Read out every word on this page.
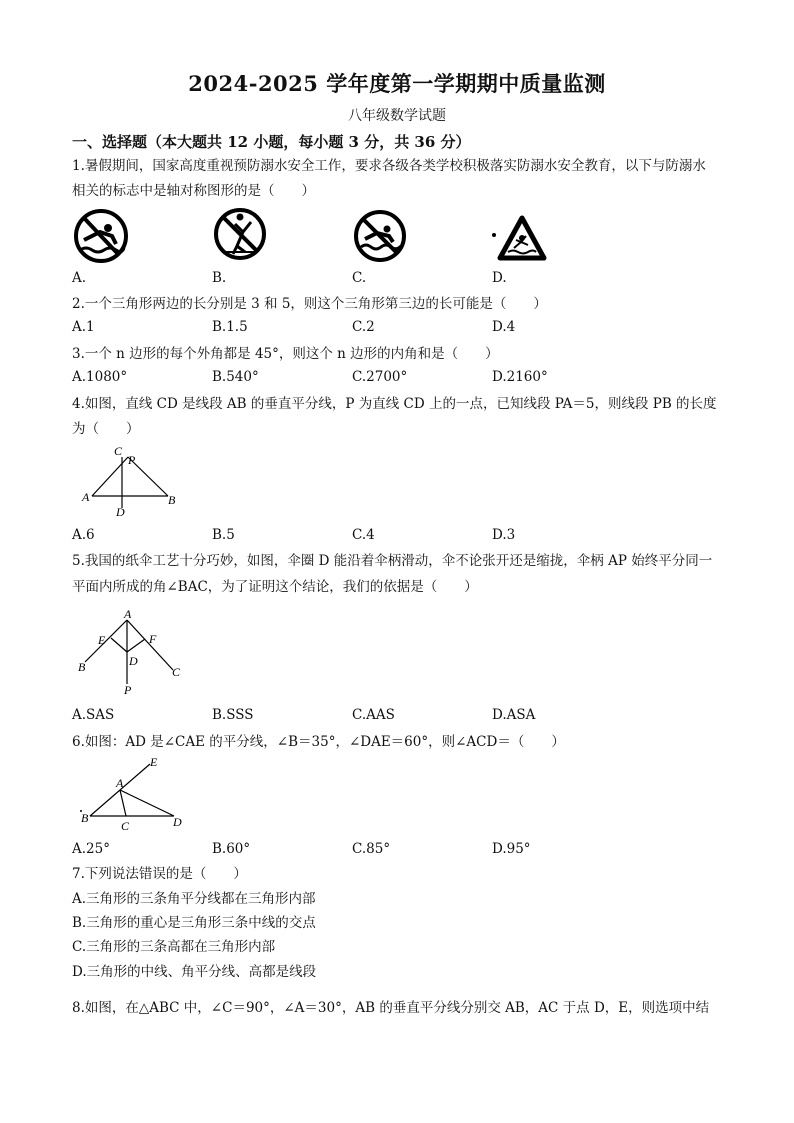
2024-2025 学年度第一学期期中质量监测
八年级数学试题
一、选择题（本大题共 12 小题，每小题 3 分，共 36 分）
1.暑假期间，国家高度重视预防溺水安全工作，要求各级各类学校积极落实防溺水安全教育，以下与防溺水
相关的标志中是轴对称图形的是（　　）
A.	B.	C.	D.
2.一个三角形两边的长分别是 3 和 5，则这个三角形第三边的长可能是（　　）
A.1	B.1.5	C.2	D.4
3.一个 n 边形的每个外角都是 45°，则这个 n 边形的内角和是（　　）
A.1080°	B.540°	C.2700°	D.2160°
4.如图，直线 CD 是线段 AB 的垂直平分线，P 为直线 CD 上的一点，已知线段 PA＝5，则线段 PB 的长度
为（　　）
C
P
A	B
D
A.6	B.5	C.4	D.3
5.我国的纸伞工艺十分巧妙，如图，伞圈 D 能沿着伞柄滑动，伞不论张开还是缩拢，伞柄 AP 始终平分同一
平面内所成的角∠BAC，为了证明这个结论，我们的依据是（　　）
A
E	F
B	D
C
P
A.SAS	B.SSS	C.AAS	D.ASA
6.如图：AD 是∠CAE 的平分线，∠B＝35°，∠DAE＝60°，则∠ACD＝（　　）
E
A
B
C	D
A.25°	B.60°	C.85°	D.95°
7.下列说法错误的是（　　）
A.三角形的三条角平分线都在三角形内部
B.三角形的重心是三角形三条中线的交点
C.三角形的三条高都在三角形内部
D.三角形的中线、角平分线、高都是线段
8.如图，在△ABC 中，∠C＝90°，∠A＝30°，AB 的垂直平分线分别交 AB，AC 于点 D，E，则选项中结
